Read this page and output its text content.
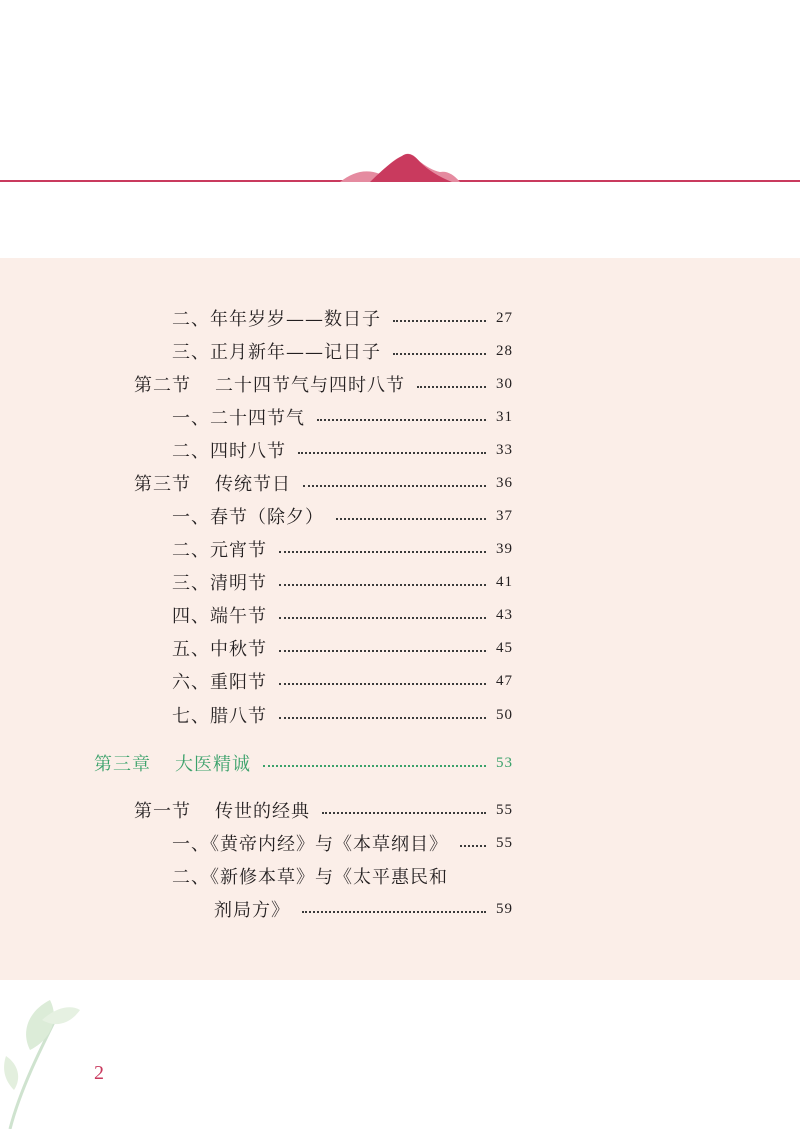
二、年年岁岁——数日子	27
三、正月新年——记日子	28
第二节 二十四节气与四时八节	30
一、二十四节气	31
二、四时八节	33
第三节 传统节日	36
一、春节（除夕）	37
二、元宵节	39
三、清明节	41
四、端午节	43
五、中秋节	45
六、重阳节	47
七、腊八节	50
第三章 大医精诚	53
第一节 传世的经典	55
一、《黄帝内经》与《本草纲目》	55
二、《新修本草》与《太平惠民和
剂局方》	59
2
